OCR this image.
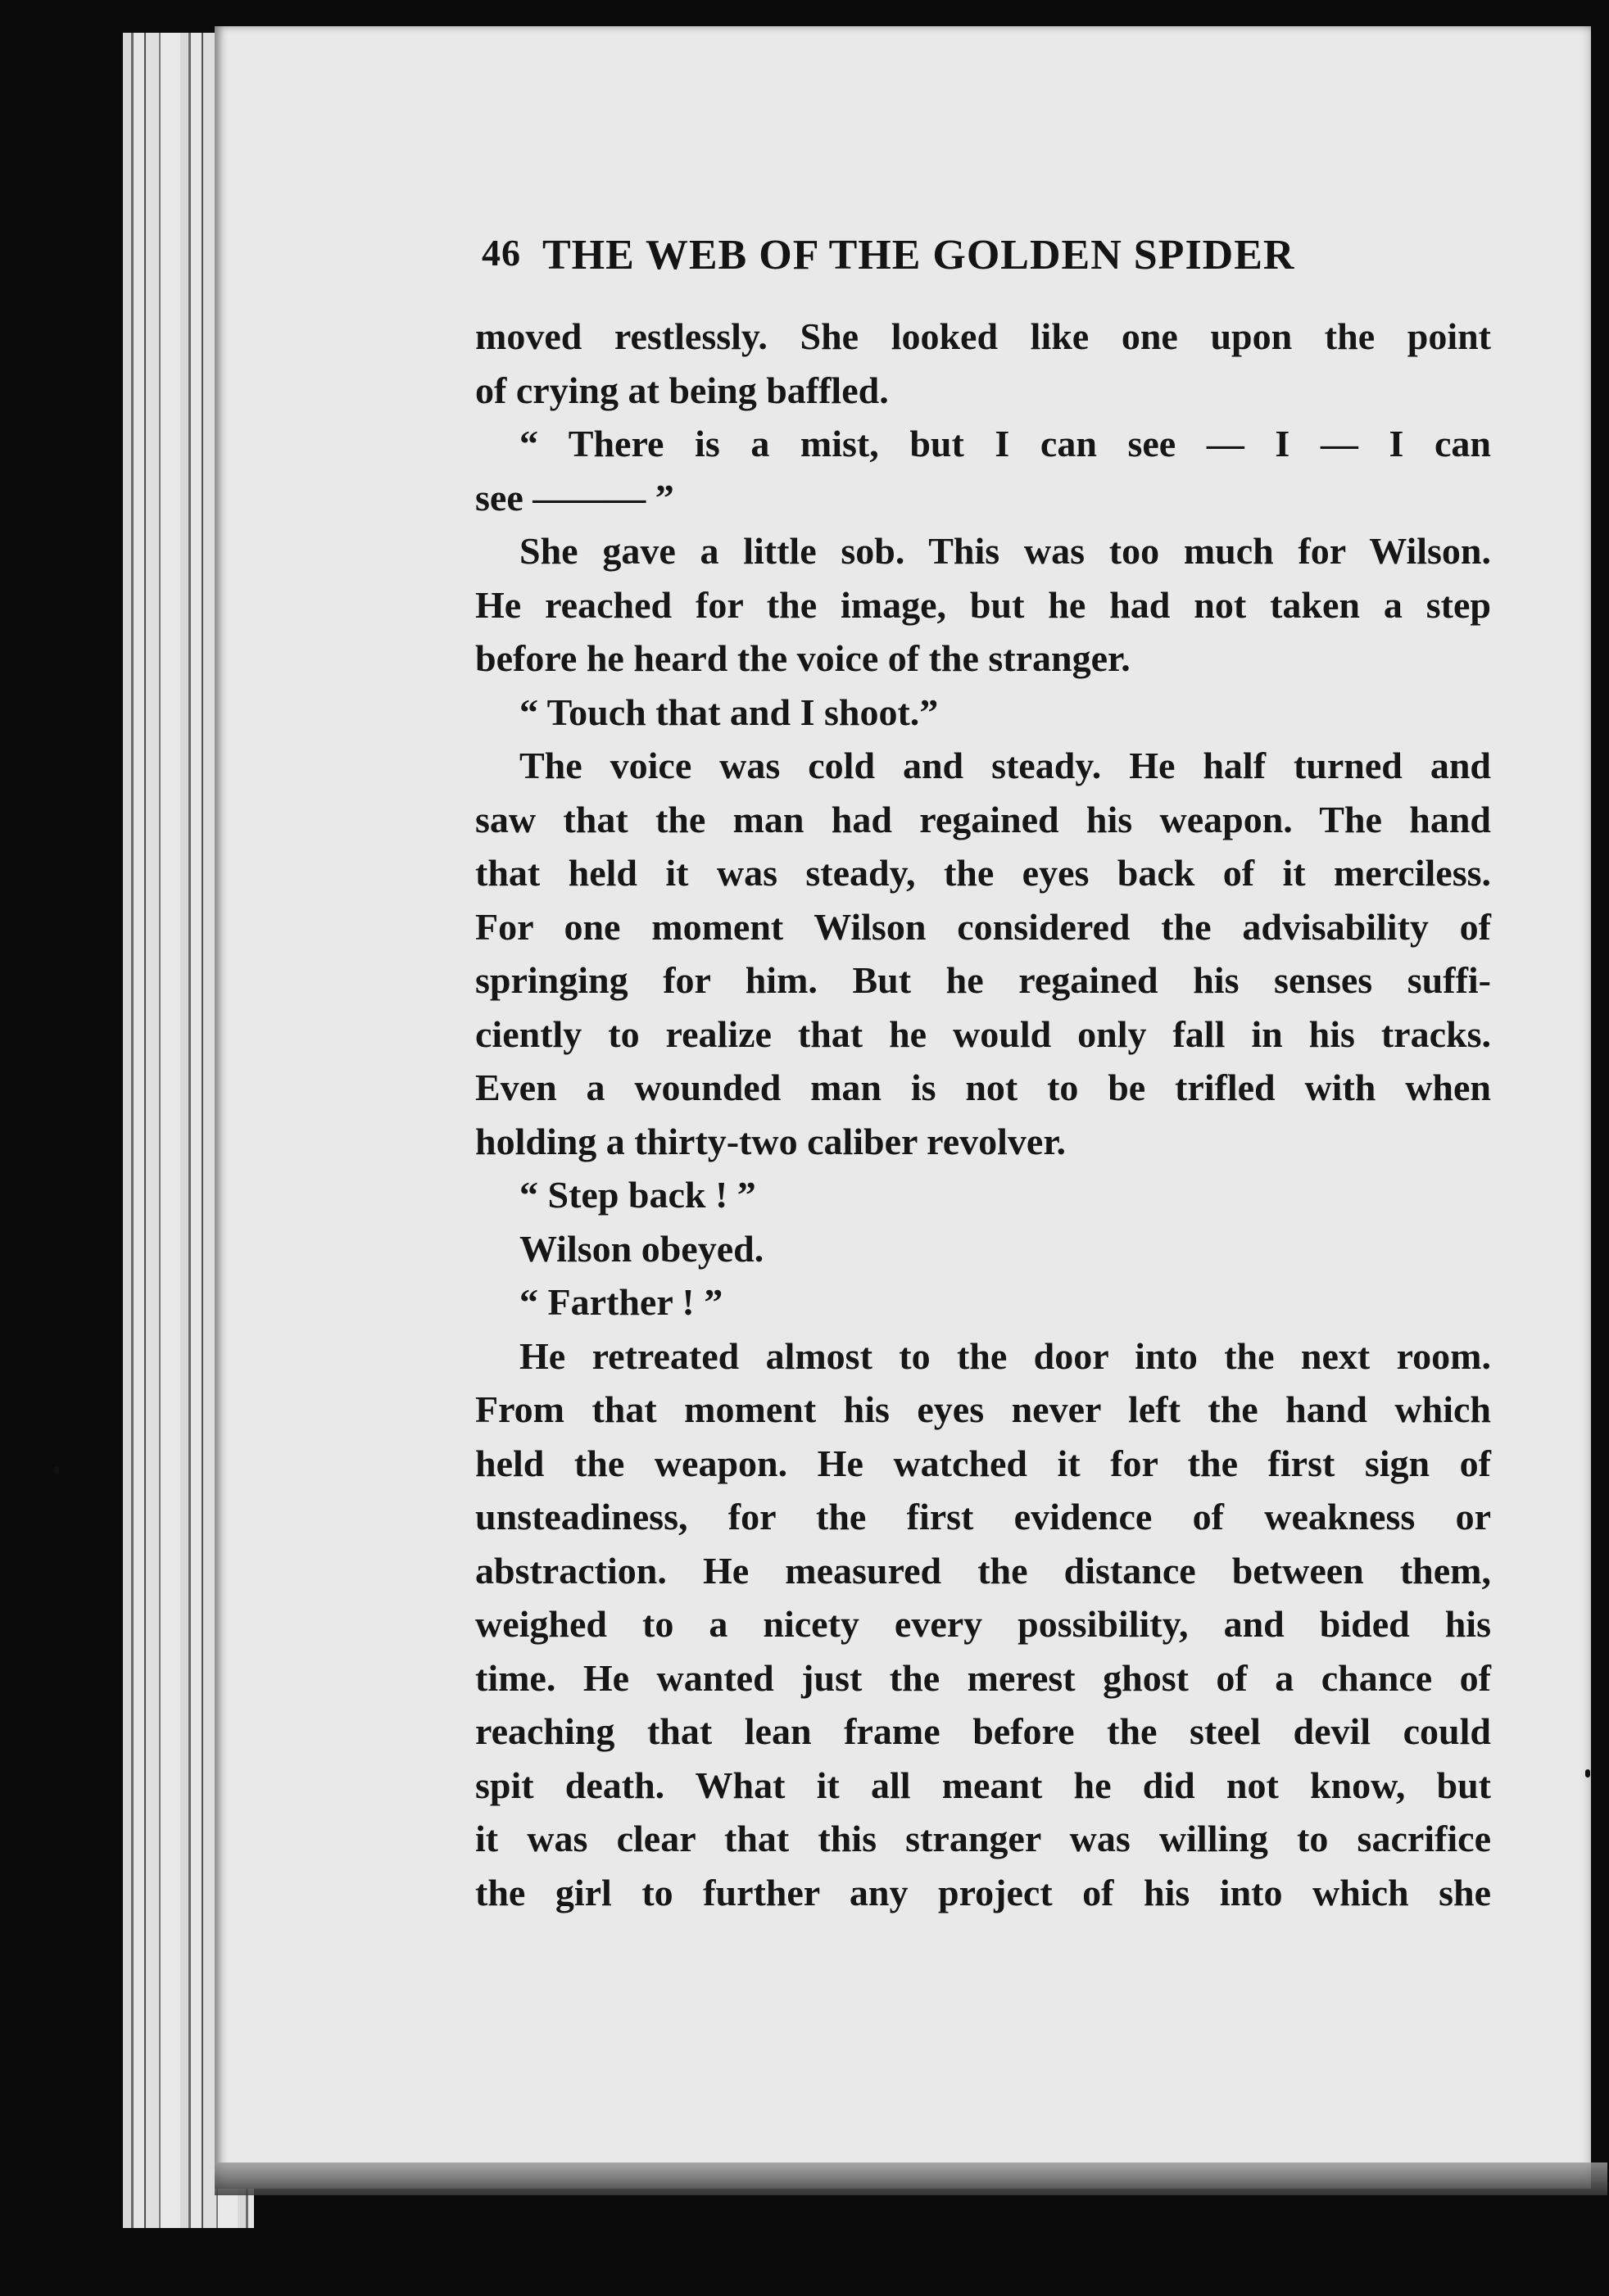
46 THE WEB OF THE GOLDEN SPIDER
moved restlessly. She looked like one upon the point
of crying at being baffled.
“ There is a mist, but I can see — I — I can
see ——— ”
She gave a little sob. This was too much for Wilson.
He reached for the image, but he had not taken a step
before he heard the voice of the stranger.
“ Touch that and I shoot.”
The voice was cold and steady. He half turned and
saw that the man had regained his weapon. The hand
that held it was steady, the eyes back of it merciless.
For one moment Wilson considered the advisability of
springing for him. But he regained his senses suffi-
ciently to realize that he would only fall in his tracks.
Even a wounded man is not to be trifled with when
holding a thirty-two caliber revolver.
“ Step back ! ”
Wilson obeyed.
“ Farther ! ”
He retreated almost to the door into the next room.
From that moment his eyes never left the hand which
held the weapon. He watched it for the first sign of
unsteadiness, for the first evidence of weakness or
abstraction. He measured the distance between them,
weighed to a nicety every possibility, and bided his
time. He wanted just the merest ghost of a chance of
reaching that lean frame before the steel devil could
spit death. What it all meant he did not know, but
it was clear that this stranger was willing to sacrifice
the girl to further any project of his into which she
